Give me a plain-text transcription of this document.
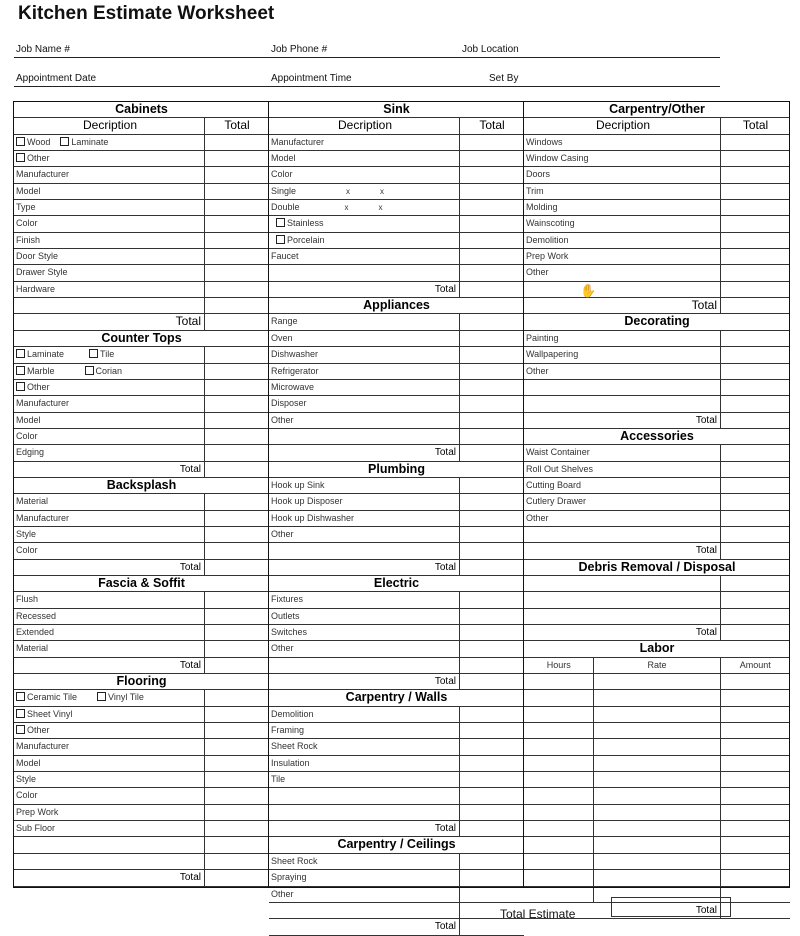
Kitchen Estimate Worksheet
Job Name #	Job Phone #	Job Location
Appointment Date	Appointment Time	Set By
Cabinets
Decription	Total
Wood Laminate
Other
Manufacturer
Model
Type
Color
Finish
Door Style
Drawer Style
Hardware
Total
Counter Tops
Laminate	Tile
Marble	Corian
Other
Manufacturer
Model
Color
Edging
Total
Backsplash
Material
Manufacturer
Style
Color
Total
Fascia & Soffit
Flush
Recessed
Extended
Material
Total
Flooring
Ceramic Tile	Vinyl Tile
Sheet Vinyl
Other
Manufacturer
Model
Style
Color
Prep Work
Sub Floor
Total
Sink
Decription	Total
Manufacturer
Model
Color
Single	x	x
Double	x	x
Stainless
Porcelain
Faucet
Total
Appliances
Range
Oven
Dishwasher
Refrigerator
Microwave
Disposer
Other
Total
Plumbing
Hook up Sink
Hook up Disposer
Hook up Dishwasher
Other
Total
Electric
Fixtures
Outlets
Switches
Other
Total
Carpentry / Walls
Demolition
Framing
Sheet Rock
Insulation
Tile
Total
Carpentry / Ceilings
Sheet Rock
Spraying
Other
Total
Carpentry/Other
Decription	Total
Windows
Window Casing
Doors
Trim
Molding
Wainscoting
Demolition
Prep Work
Other
Total
Decorating
Painting
Wallpapering
Other
Total
Accessories
Waist Container
Roll Out Shelves
Cutting Board
Cutlery Drawer
Other
Total
Debris Removal / Disposal
Total
Labor
Hours	Rate	Amount
Total
✋
Total Estimate
